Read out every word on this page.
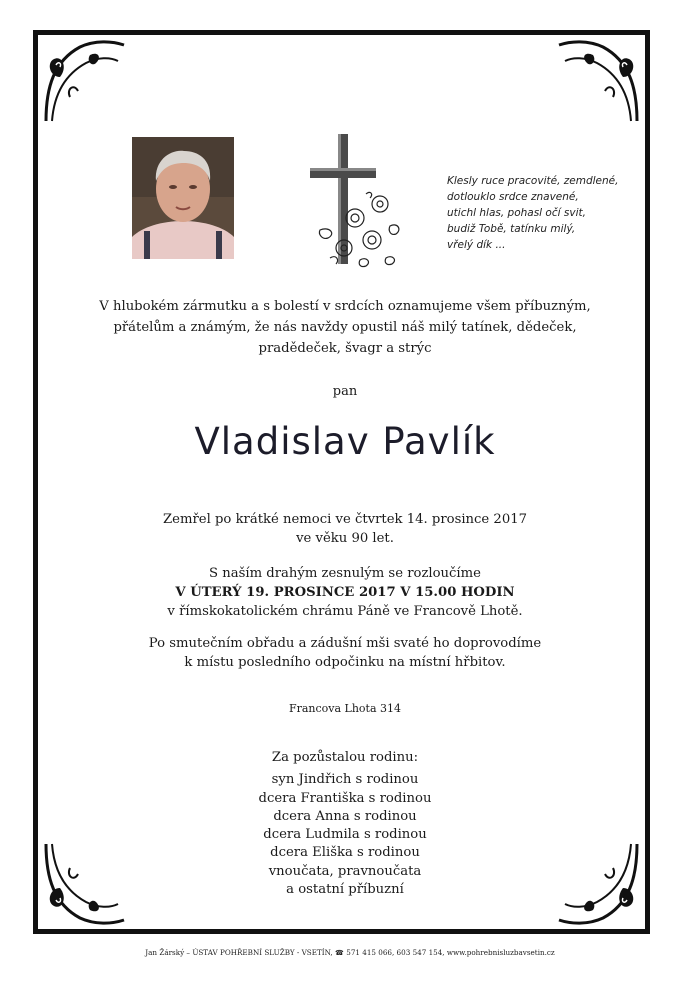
Klesly ruce pracovité, zemdlené,
dotlouklo srdce znavené,
utichl hlas, pohasl očí svit,
budiž Tobě, tatínku milý,
vřelý dík ...
V hlubokém zármutku a s bolestí v srdcích oznamujeme všem příbuzným,
přátelům a známým, že nás navždy opustil náš milý tatínek, dědeček,
pradědeček, švagr a strýc
pan
Vladislav Pavlík
Zemřel po krátké nemoci ve čtvrtek 14. prosince 2017
ve věku 90 let.
S naším drahým zesnulým se rozloučíme
V ÚTERÝ 19. PROSINCE 2017 V 15.00 HODIN
v římskokatolickém chrámu Páně ve Francově Lhotě.
Po smutečním obřadu a zádušní mši svaté ho doprovodíme
k místu posledního odpočinku na místní hřbitov.
Francova Lhota 314
Za pozůstalou rodinu:
syn Jindřich s rodinou
dcera Františka s rodinou
dcera Anna s rodinou
dcera Ludmila s rodinou
dcera Eliška s rodinou
vnoučata, pravnoučata
a ostatní příbuzní
Jan Žárský – ÚSTAV POHŘEBNÍ SLUŽBY - VSETÍN, ☎ 571 415 066, 603 547 154, www.pohrebnisluzbavsetin.cz
